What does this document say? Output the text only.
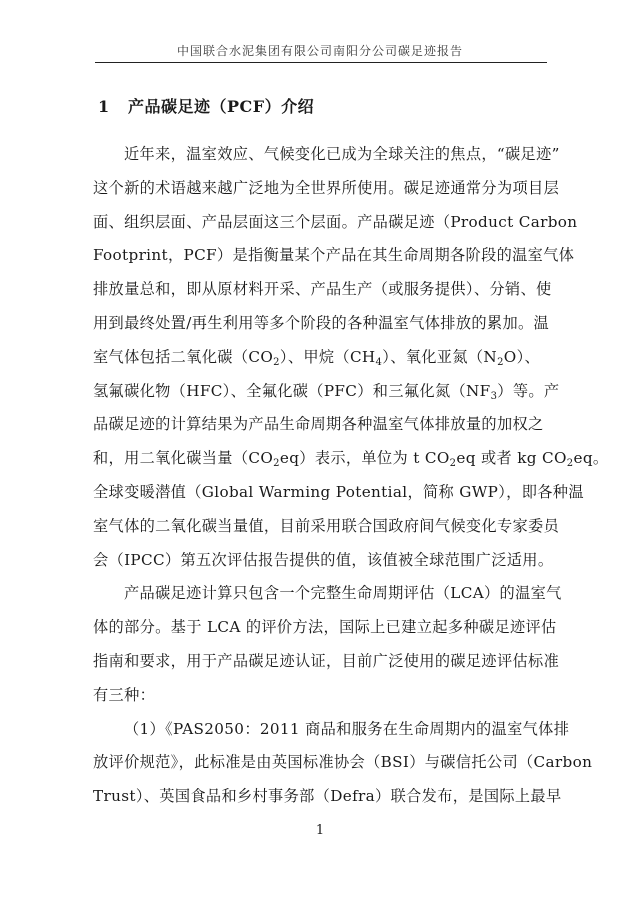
中国联合水泥集团有限公司南阳分公司碳足迹报告
1 产品碳足迹（PCF）介绍
近年来，温室效应、气候变化已成为全球关注的焦点，“碳足迹”
这个新的术语越来越广泛地为全世界所使用。碳足迹通常分为项目层
面、组织层面、产品层面这三个层面。产品碳足迹（Product Carbon
Footprint，PCF）是指衡量某个产品在其生命周期各阶段的温室气体
排放量总和，即从原材料开采、产品生产（或服务提供）、分销、使
用到最终处置/再生利用等多个阶段的各种温室气体排放的累加。温
室气体包括二氧化碳$(CO_2)$、甲烷$(CH_4)$、氧化亚氮$(N_2O)$、
氢氟碳化物（HFC）、全氟化碳（PFC）和三氟化氮$(NF_3)$等。产
品碳足迹的计算结果为产品生命周期各种温室气体排放量的加权之
和，用二氧化碳当量$(CO_2eq)$表示，单位为 t $CO_2eq$ 或者 kg $CO_2eq$。
全球变暖潜值（Global Warming Potential，简称 GWP），即各种温
室气体的二氧化碳当量值，目前采用联合国政府间气候变化专家委员
会（IPCC）第五次评估报告提供的值，该值被全球范围广泛适用。
产品碳足迹计算只包含一个完整生命周期评估（LCA）的温室气
体的部分。基于 LCA 的评价方法，国际上已建立起多种碳足迹评估
指南和要求，用于产品碳足迹认证，目前广泛使用的碳足迹评估标准
有三种：
（1）《PAS2050：2011 商品和服务在生命周期内的温室气体排
放评价规范》，此标准是由英国标准协会（BSI）与碳信托公司（Carbon
Trust）、英国食品和乡村事务部（Defra）联合发布，是国际上最早
1
